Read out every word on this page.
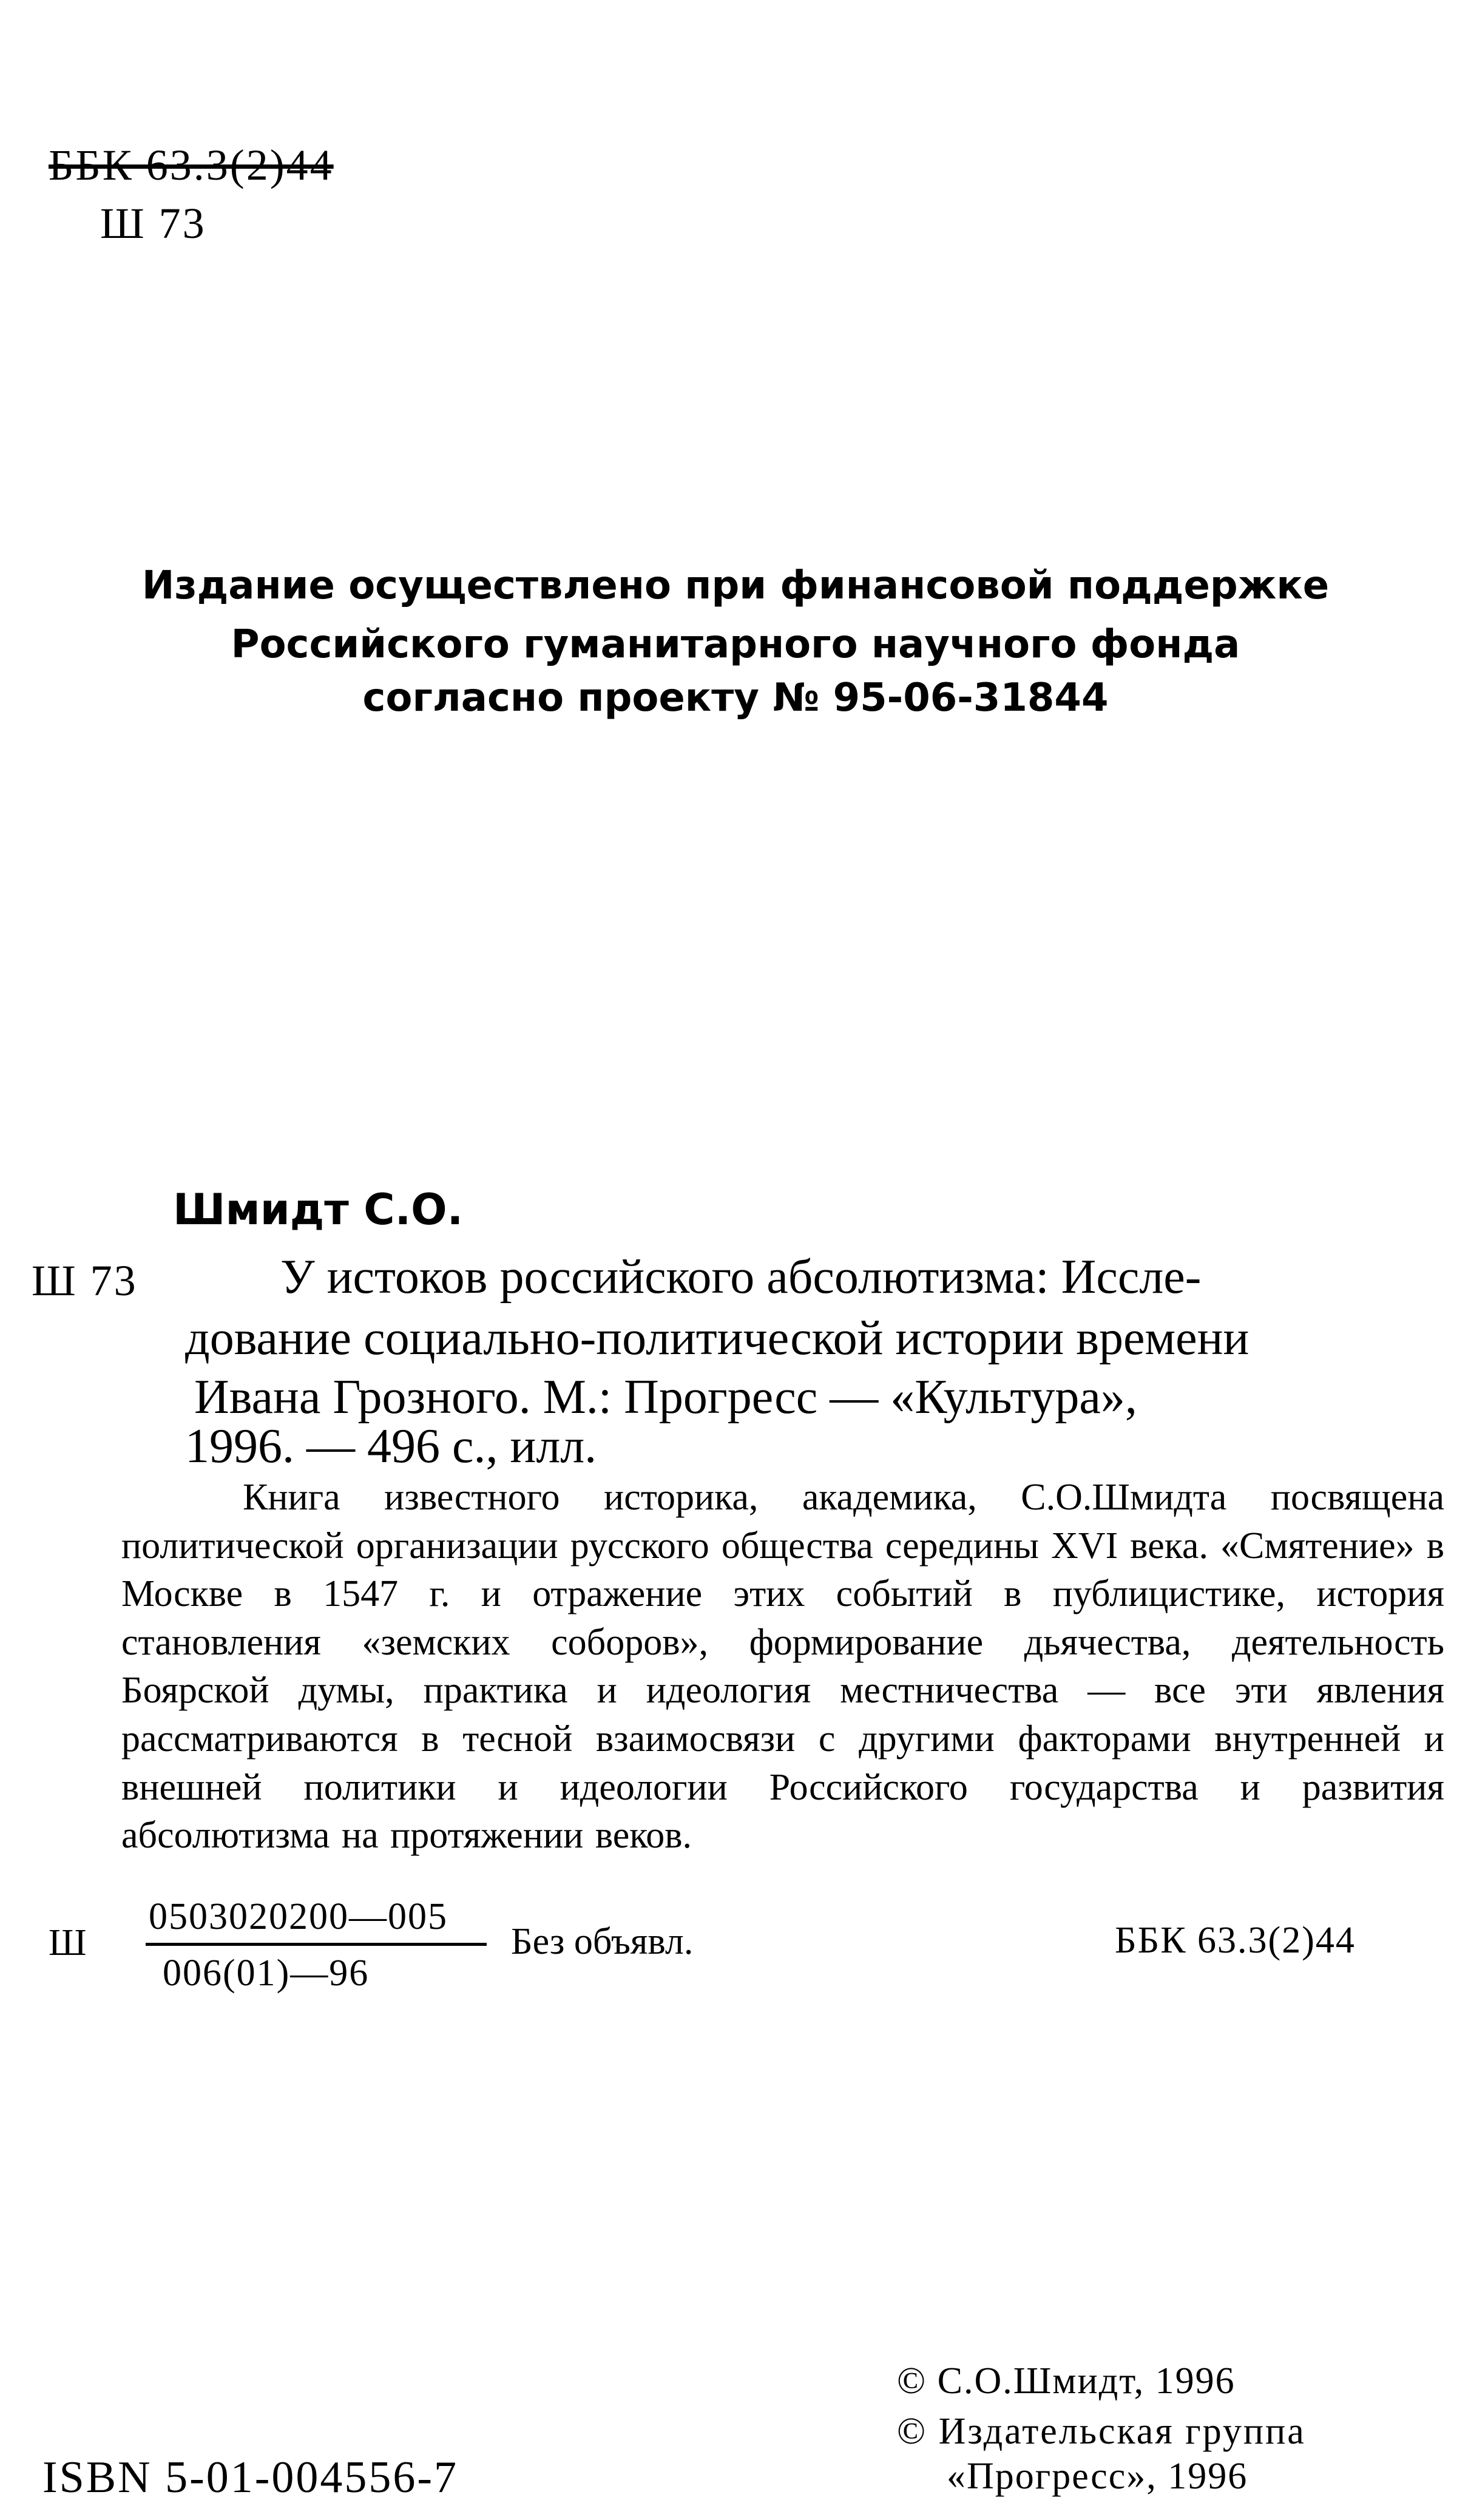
ББК 63.3(2)44
Ш 73
Издание осуществлено при финансовой поддержке
Российского гуманитарного научного фонда
согласно проекту № 95-06-31844
Шмидт С.О.
Ш 73	У истоков российского абсолютизма: Иссле-
дование социально-политической истории времени
Ивана Грозного. М.: Прогресс — «Культура»,
1996. — 496 с., илл.
Книга известного историка, академика, С.О.Шмидта посвящена политической организации русского общества середины XVI века. «Смятение» в Москве в 1547 г. и отражение этих событий в публицистике, история становления «земских соборов», формирование дьячества, деятельность Боярской думы, практика и идеология местничества — все эти явления рассматриваются в тесной взаимосвязи с другими факторами внутренней и внешней политики и идеологии Российского государства и развития абсолютизма на протяжении веков.
Ш
0503020200—005
006(01)—96
Без объявл.	ББК 63.3(2)44
© С.О.Шмидт, 1996
© Издательская группа
«Прогресс», 1996
ISBN 5-01-004556-7
